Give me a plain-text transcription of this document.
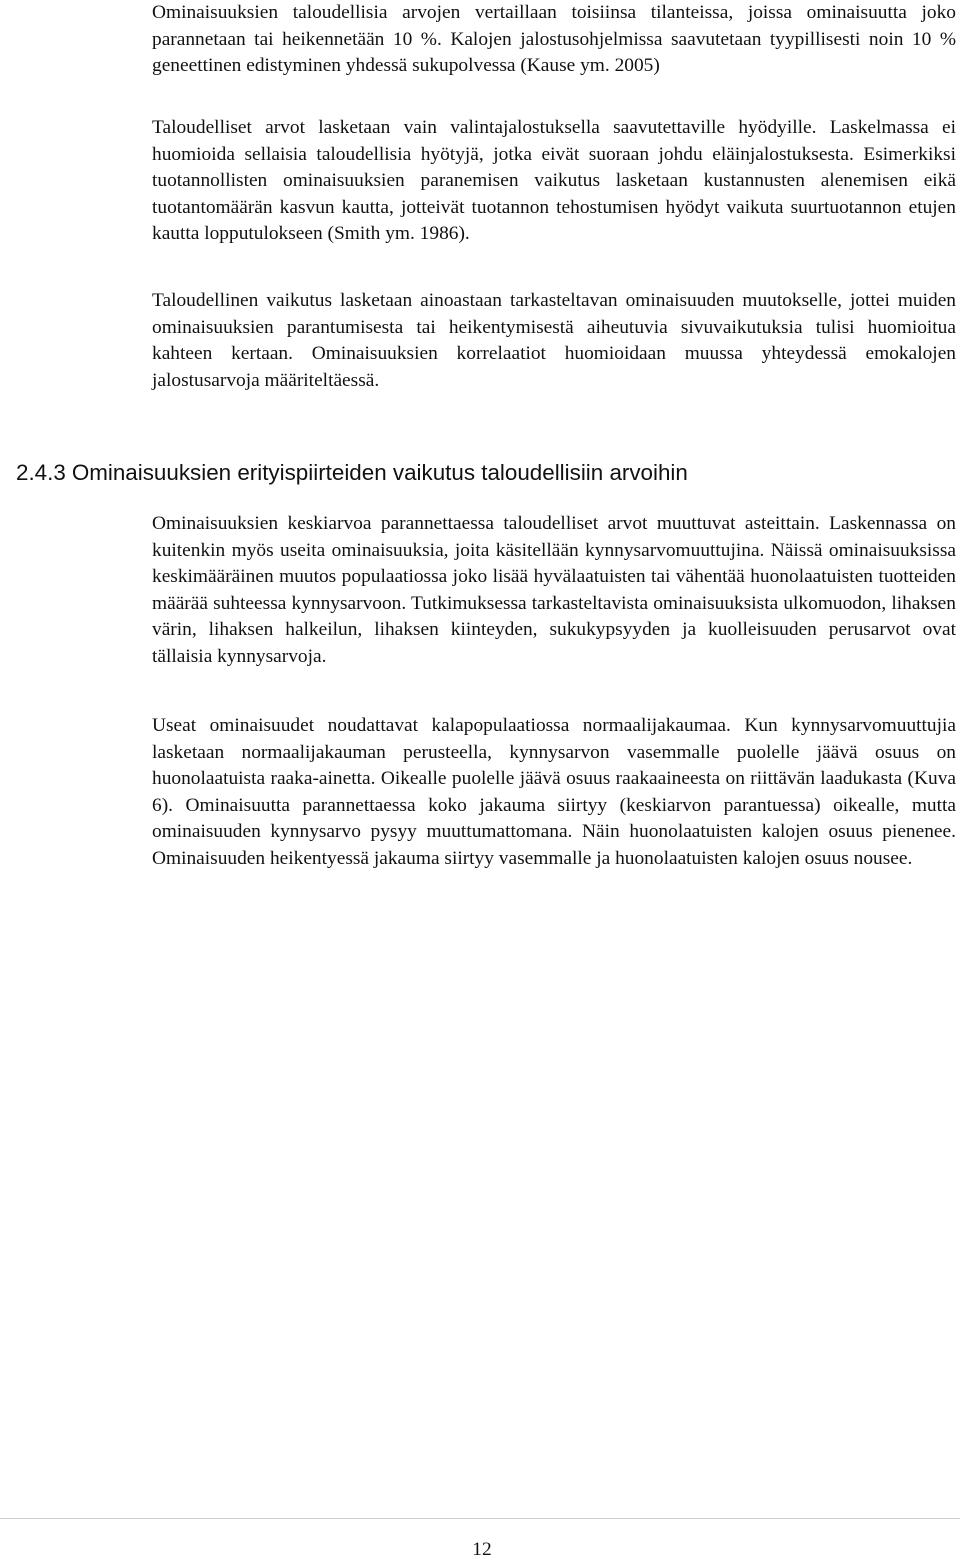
Ominaisuuksien taloudellisia arvojen vertaillaan toisiinsa tilanteissa, joissa ominaisuutta joko parannetaan tai heikennetään 10 %. Kalojen jalostusohjelmissa saavutetaan tyypillisesti noin 10 % geneettinen edistyminen yhdessä sukupolvessa (Kause ym. 2005)

Taloudelliset arvot lasketaan vain valintajalostuksella saavutettaville hyödyille. Laskelmassa ei huomioida sellaisia taloudellisia hyötyjä, jotka eivät suoraan johdu eläinjalostuksesta. Esimerkiksi tuotannollisten ominaisuuksien paranemisen vaikutus lasketaan kustannusten alenemisen eikä tuotantomäärän kasvun kautta, jotteivät tuotannon tehostumisen hyödyt vaikuta suurtuotannon etujen kautta lopputulokseen (Smith ym. 1986).

Taloudellinen vaikutus lasketaan ainoastaan tarkasteltavan ominaisuuden muutokselle, jottei muiden ominaisuuksien parantumisesta tai heikentymisestä aiheutuvia sivuvaikutuksia tulisi huomioitua kahteen kertaan. Ominaisuuksien korrelaatiot huomioidaan muussa yhteydessä emokalojen jalostusarvoja määriteltäessä.

2.4.3 Ominaisuuksien erityispiirteiden vaikutus taloudellisiin arvoihin

Ominaisuuksien keskiarvoa parannettaessa taloudelliset arvot muuttuvat asteittain. Laskennassa on kuitenkin myös useita ominaisuuksia, joita käsitellään kynnysarvomuuttujina. Näissä ominaisuuksissa keskimääräinen muutos populaatiossa joko lisää hyvälaatuisten tai vähentää huonolaatuisten tuotteiden määrää suhteessa kynnysarvoon. Tutkimuksessa tarkasteltavista ominaisuuksista ulkomuodon, lihaksen värin, lihaksen halkeilun, lihaksen kiinteyden, sukukypsyyden ja kuolleisuuden perusarvot ovat tällaisia kynnysarvoja.

Useat ominaisuudet noudattavat kalapopulaatiossa normaalijakaumaa. Kun kynnysarvomuuttujia lasketaan normaalijakauman perusteella, kynnysarvon vasemmalle puolelle jäävä osuus on huonolaatuista raaka-ainetta. Oikealle puolelle jäävä osuus raakaaineesta on riittävän laadukasta (Kuva 6). Ominaisuutta parannettaessa koko jakauma siirtyy (keskiarvon parantuessa) oikealle, mutta ominaisuuden kynnysarvo pysyy muuttumattomana. Näin huonolaatuisten kalojen osuus pienenee. Ominaisuuden heikentyessä jakauma siirtyy vasemmalle ja huonolaatuisten kalojen osuus nousee.

12
